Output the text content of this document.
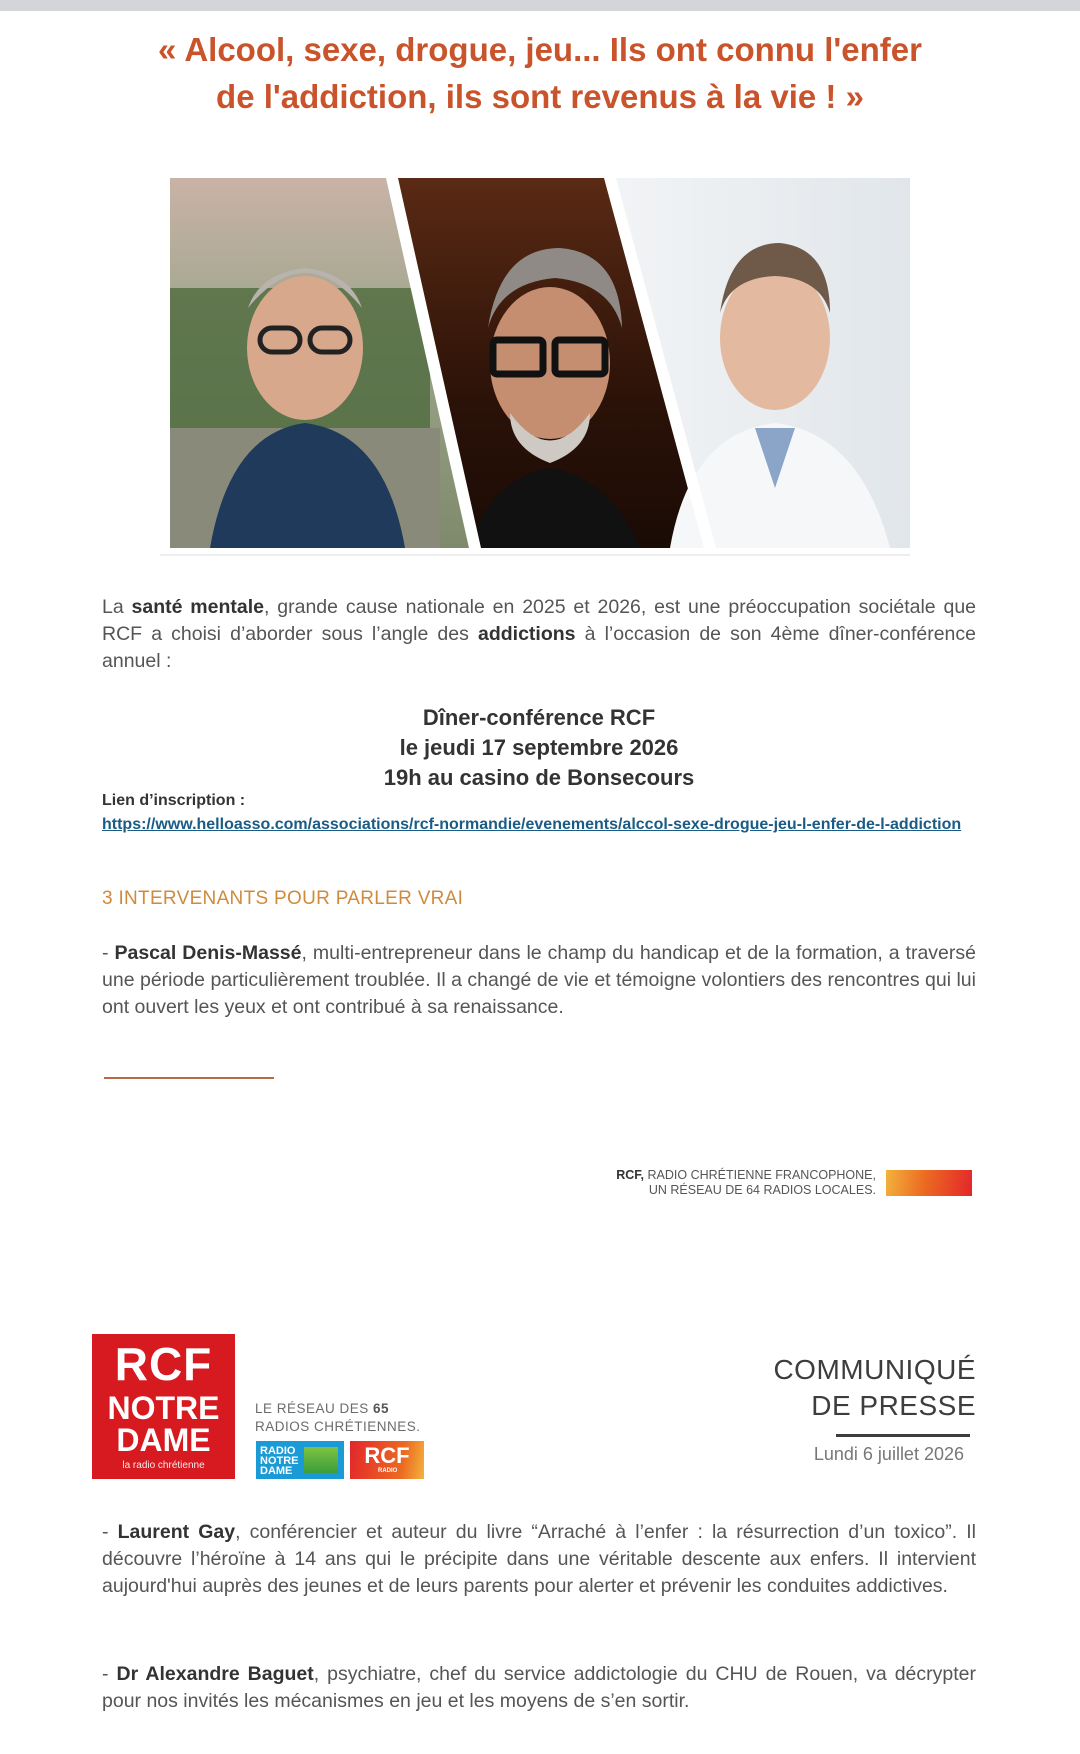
« Alcool, sexe, drogue, jeu... Ils ont connu l'enfer
de l'addiction, ils sont revenus à la vie ! »

La santé mentale, grande cause nationale en 2025 et 2026, est une préoccupation sociétale que RCF a choisi d’aborder sous l’angle des addictions à l’occasion de son 4ème dîner-conférence annuel :

Dîner-conférence RCF
le jeudi 17 septembre 2026
19h au casino de Bonsecours
Lien d’inscription :

https://www.helloasso.com/associations/rcf-normandie/evenements/alccol-sexe-drogue-jeu-l-enfer-de-l-addiction

3 INTERVENANTS POUR PARLER VRAI

- Pascal Denis-Massé, multi-entrepreneur dans le champ du handicap et de la formation, a traversé une période particulièrement troublée. Il a changé de vie et témoigne volontiers des rencontres qui lui ont ouvert les yeux et ont contribué à sa renaissance.

RCF, RADIO CHRÉTIENNE FRANCOPHONE,
UN RÉSEAU DE 64 RADIOS LOCALES.
RCF
NOTRE
DAME
la radio chrétienne
LE RÉSEAU DES 65
RADIOS CHRÉTIENNES.
RADIO
NOTRE
DAME
RCF
RADIO
COMMUNIQUÉ
DE PRESSE
Lundi 6 juillet 2026

- Laurent Gay, conférencier et auteur du livre “Arraché à l’enfer : la résurrection d’un toxico”. Il découvre l’héroïne à 14 ans qui le précipite dans une véritable descente aux enfers. Il intervient aujourd'hui auprès des jeunes et de leurs parents pour alerter et prévenir les conduites addictives.

- Dr Alexandre Baguet, psychiatre, chef du service addictologie du CHU de Rouen, va décrypter pour nos invités les mécanismes en jeu et les moyens de s’en sortir.
